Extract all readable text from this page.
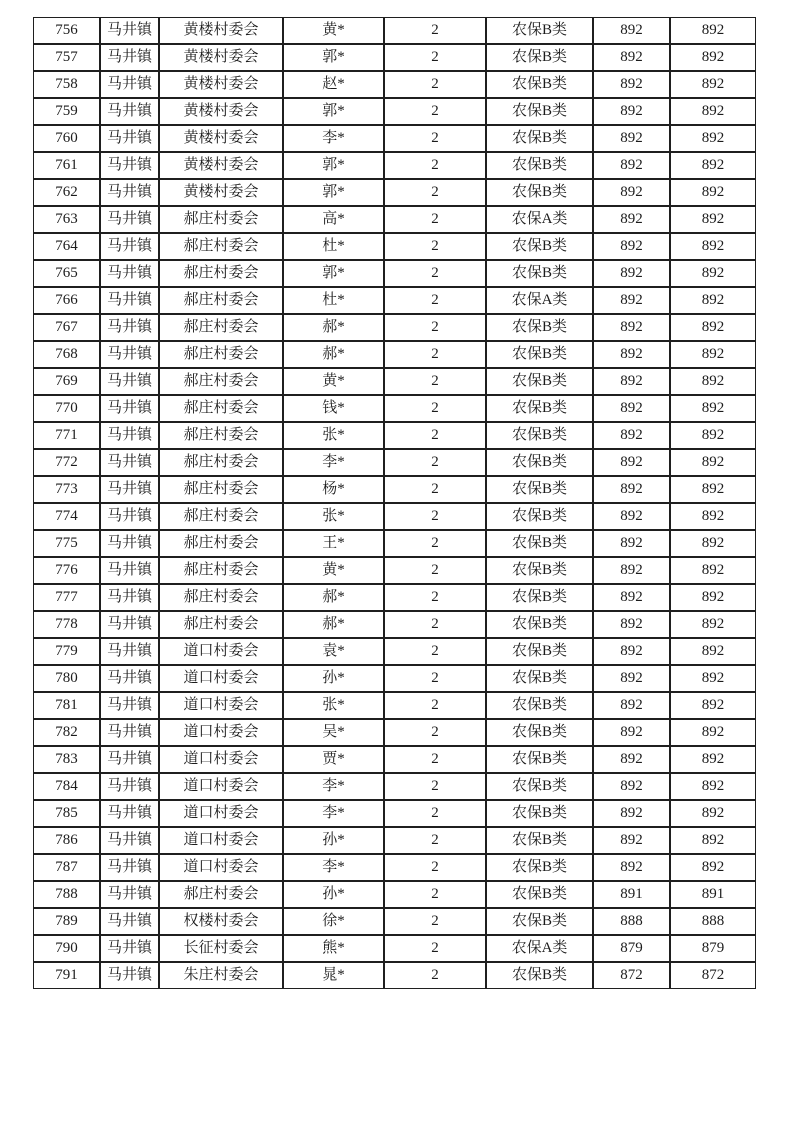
756	马井镇	黄楼村委会	黄*	2	农保B类	892	892
757	马井镇	黄楼村委会	郭*	2	农保B类	892	892
758	马井镇	黄楼村委会	赵*	2	农保B类	892	892
759	马井镇	黄楼村委会	郭*	2	农保B类	892	892
760	马井镇	黄楼村委会	李*	2	农保B类	892	892
761	马井镇	黄楼村委会	郭*	2	农保B类	892	892
762	马井镇	黄楼村委会	郭*	2	农保B类	892	892
763	马井镇	郝庄村委会	高*	2	农保A类	892	892
764	马井镇	郝庄村委会	杜*	2	农保B类	892	892
765	马井镇	郝庄村委会	郭*	2	农保B类	892	892
766	马井镇	郝庄村委会	杜*	2	农保A类	892	892
767	马井镇	郝庄村委会	郝*	2	农保B类	892	892
768	马井镇	郝庄村委会	郝*	2	农保B类	892	892
769	马井镇	郝庄村委会	黄*	2	农保B类	892	892
770	马井镇	郝庄村委会	钱*	2	农保B类	892	892
771	马井镇	郝庄村委会	张*	2	农保B类	892	892
772	马井镇	郝庄村委会	李*	2	农保B类	892	892
773	马井镇	郝庄村委会	杨*	2	农保B类	892	892
774	马井镇	郝庄村委会	张*	2	农保B类	892	892
775	马井镇	郝庄村委会	王*	2	农保B类	892	892
776	马井镇	郝庄村委会	黄*	2	农保B类	892	892
777	马井镇	郝庄村委会	郝*	2	农保B类	892	892
778	马井镇	郝庄村委会	郝*	2	农保B类	892	892
779	马井镇	道口村委会	袁*	2	农保B类	892	892
780	马井镇	道口村委会	孙*	2	农保B类	892	892
781	马井镇	道口村委会	张*	2	农保B类	892	892
782	马井镇	道口村委会	吴*	2	农保B类	892	892
783	马井镇	道口村委会	贾*	2	农保B类	892	892
784	马井镇	道口村委会	李*	2	农保B类	892	892
785	马井镇	道口村委会	李*	2	农保B类	892	892
786	马井镇	道口村委会	孙*	2	农保B类	892	892
787	马井镇	道口村委会	李*	2	农保B类	892	892
788	马井镇	郝庄村委会	孙*	2	农保B类	891	891
789	马井镇	权楼村委会	徐*	2	农保B类	888	888
790	马井镇	长征村委会	熊*	2	农保A类	879	879
791	马井镇	朱庄村委会	晁*	2	农保B类	872	872
